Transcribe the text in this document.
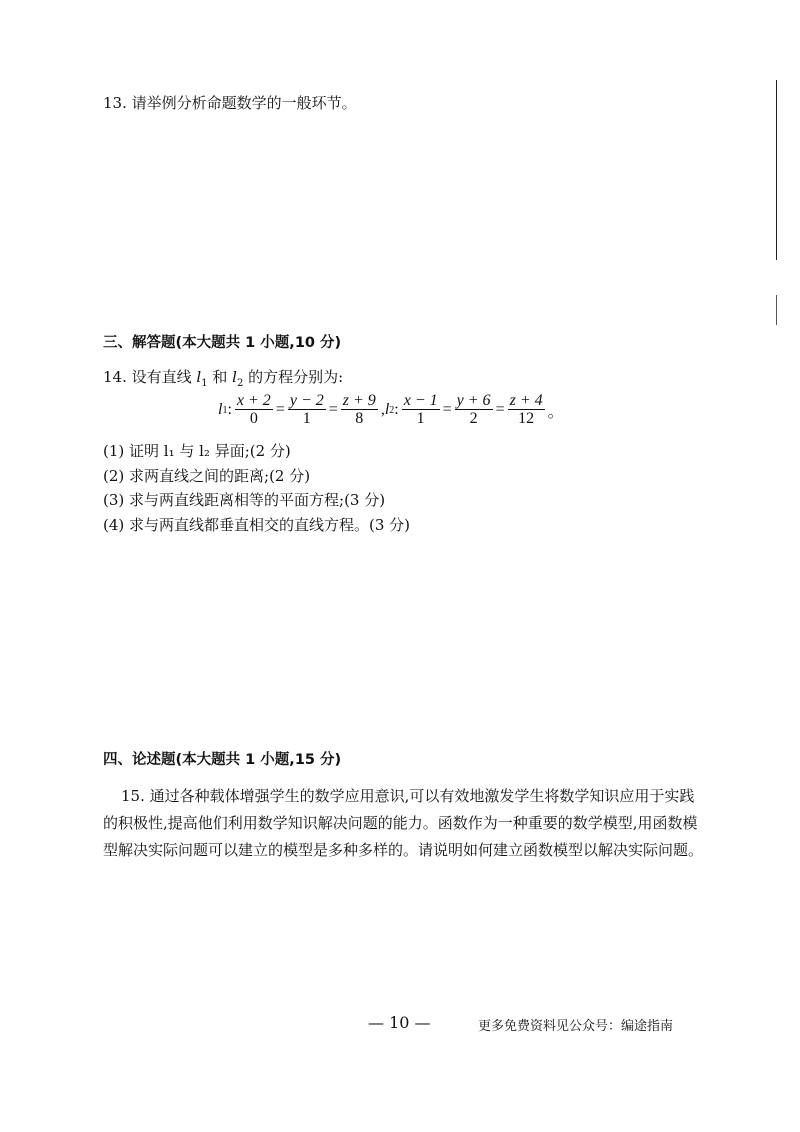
13. 请举例分析命题数学的一般环节。
三、解答题(本大题共 1 小题,10 分)
14. 设有直线 $l_1$ 和 $l_2$ 的方程分别为:
l 1 : $\frac{x + 2}{0} = \frac{y - 2}{1} = \frac{z + 9}{8}$ , l 2 : $\frac{x - 1}{1} = \frac{y + 6}{2} = \frac{z + 4}{12}$ 。
(1) 证明 l₁ 与 l₂ 异面;(2 分)
(2) 求两直线之间的距离;(2 分)
(3) 求与两直线距离相等的平面方程;(3 分)
(4) 求与两直线都垂直相交的直线方程。(3 分)
四、论述题(本大题共 1 小题,15 分)
15. 通过各种载体增强学生的数学应用意识,可以有效地激发学生将数学知识应用于实践
的积极性,提高他们利用数学知识解决问题的能力。函数作为一种重要的数学模型,用函数模
型解决实际问题可以建立的模型是多种多样的。请说明如何建立函数模型以解决实际问题。
— 10 —	更多免费资料见公众号：编途指南
